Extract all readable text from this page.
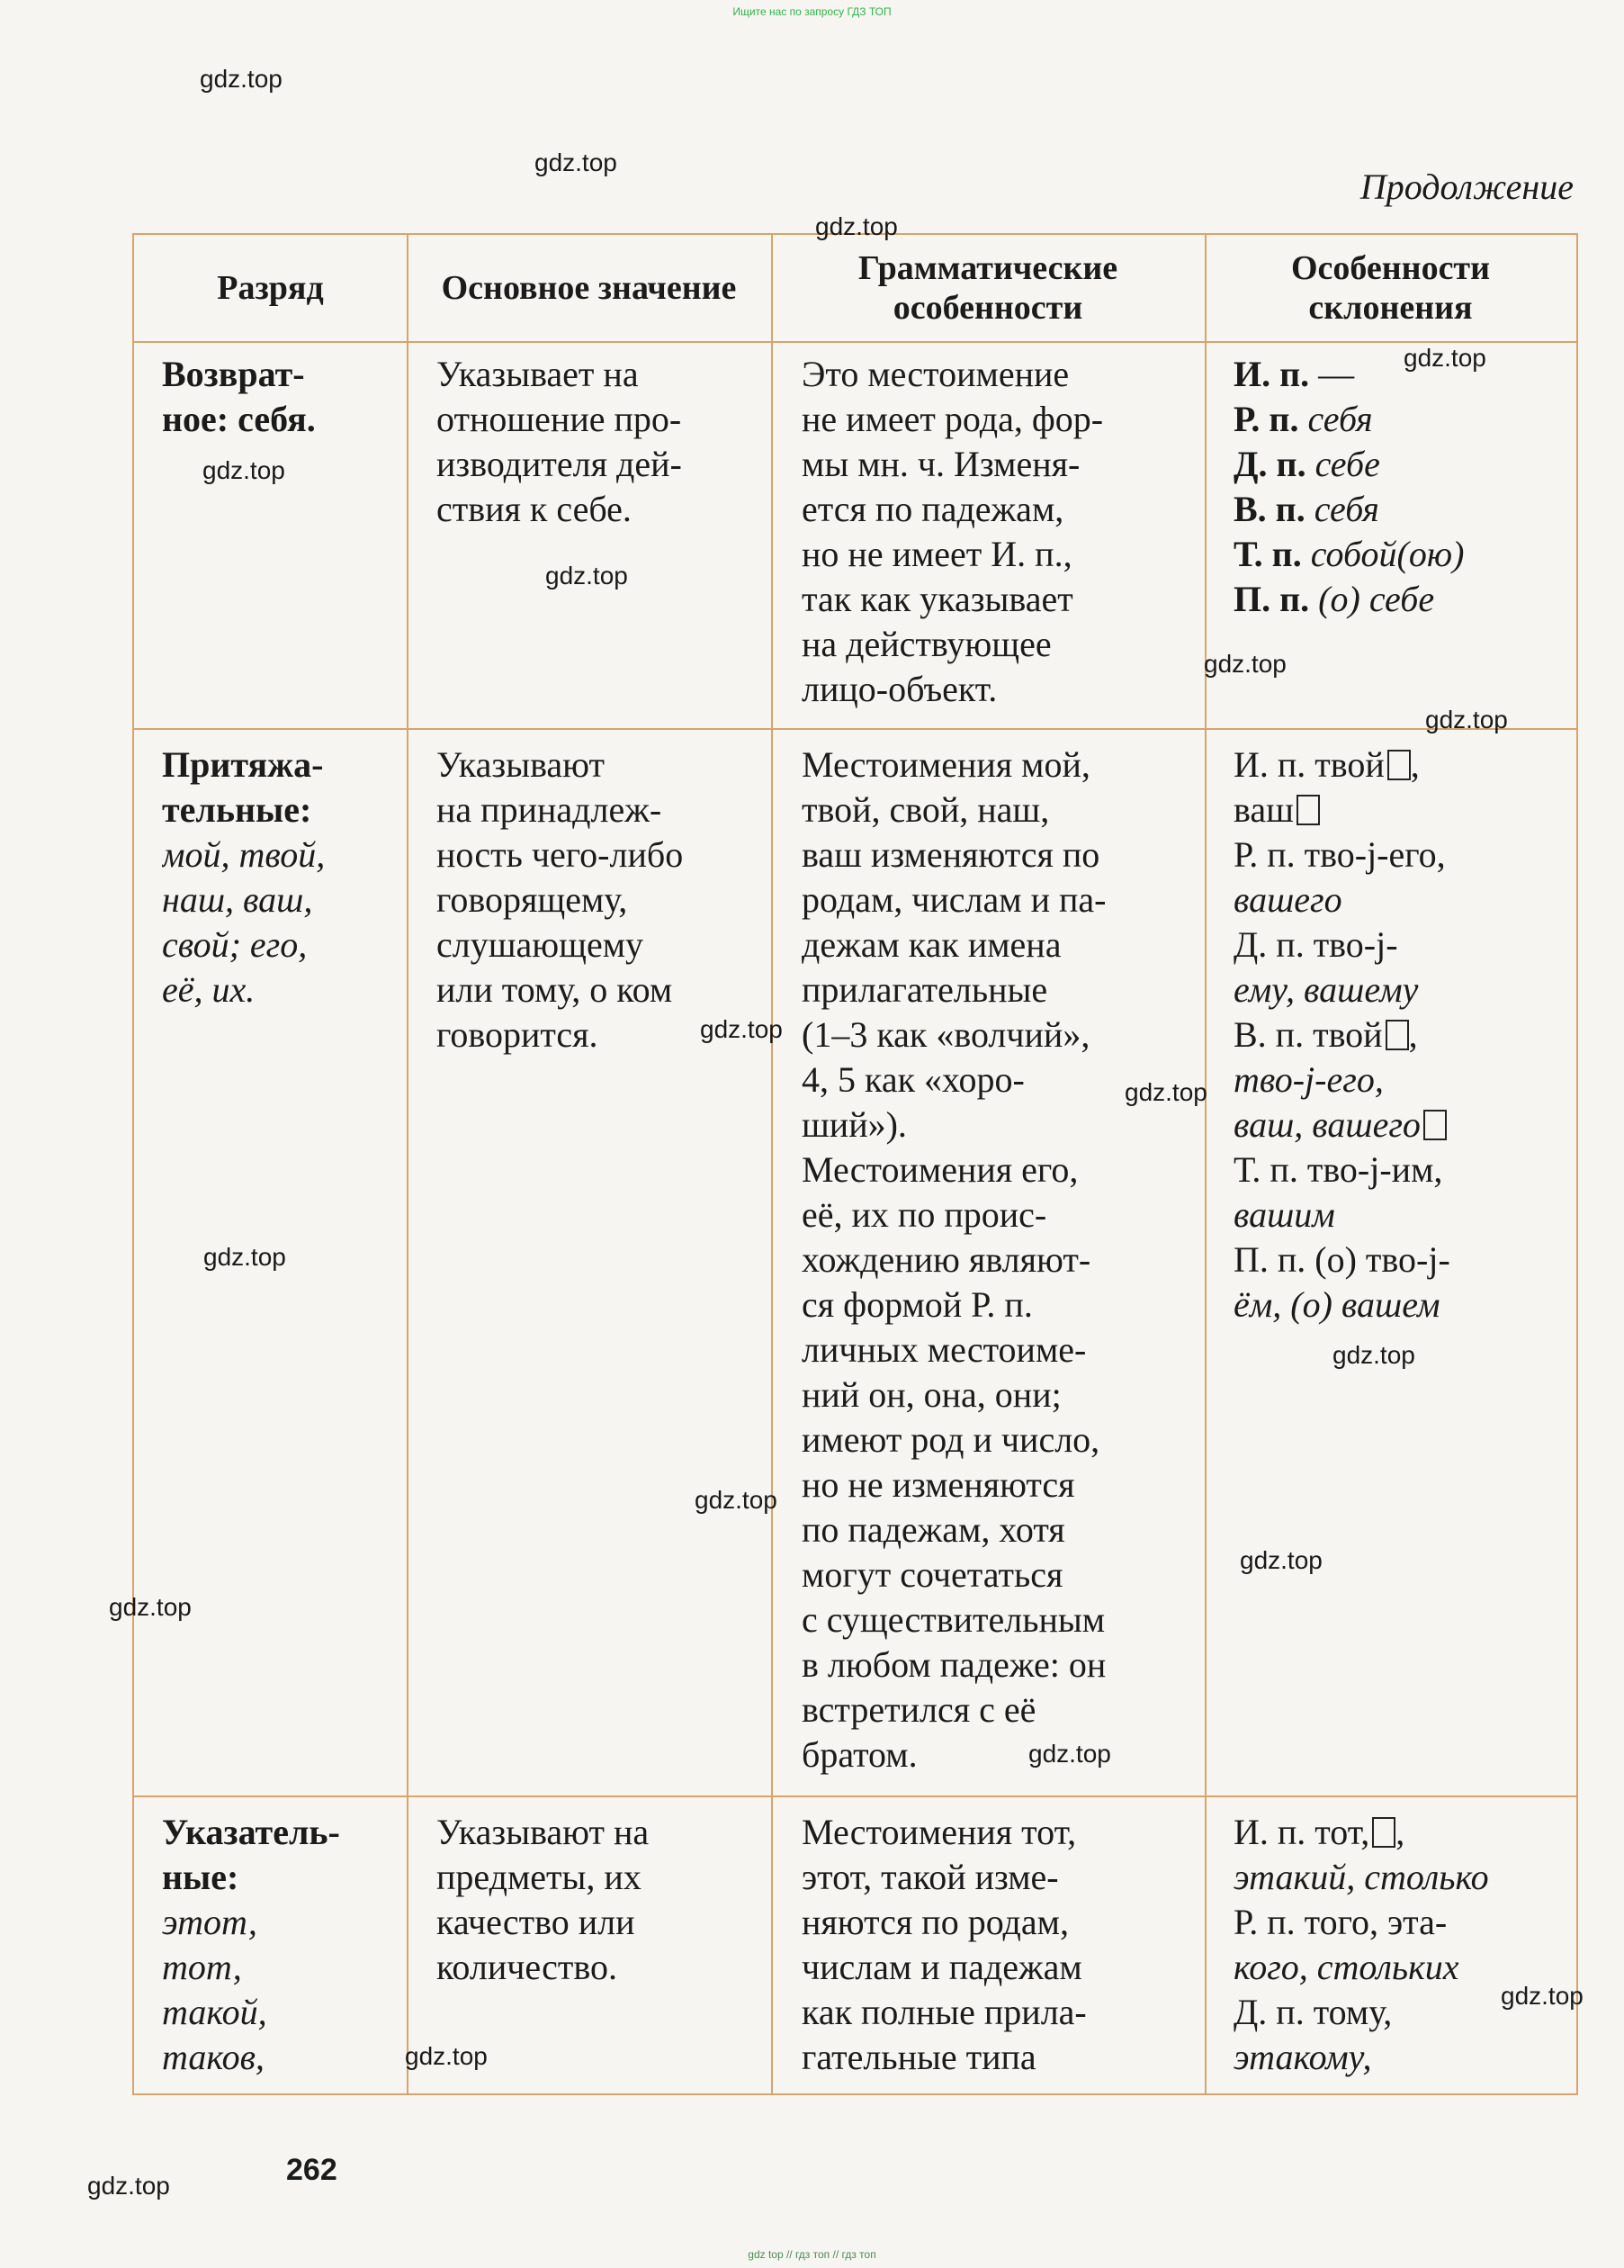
Ищите нас по запросу ГДЗ ТОП
Продолжение
Разряд	Основное значение
Грамматические особенности
Особенности склонения
Возврат-
ное: себя.
Указывает на
отношение про-
изводителя дей-
ствия к себе.
Это местоимение
не имеет рода, фор-
мы мн. ч. Изменя-
ется по падежам,
но не имеет И. п.,
так как указывает
на действующее
лицо-объект.
И. п. —
Р. п. себя
Д. п. себе
В. п. себя
Т. п. собой(ою)
П. п. (о) себе
Притяжа-
тельные:
мой, твой,
наш, ваш,
свой; его,
её, их.
Указывают
на принадлеж-
ность чего-либо
говорящему,
слушающему
или тому, о ком
говорится.
Местоимения мой,
твой, свой, наш,
ваш изменяются по
родам, числам и па-
дежам как имена
прилагательные
(1–3 как «волчий»,
4, 5 как «хоро-
ший»).
Местоимения его,
её, их по проис-
хождению являют-
ся формой Р. п.
личных местоиме-
ний он, она, они;
имеют род и число,
но не изменяются
по падежам, хотя
могут сочетаться
с существительным
в любом падеже: он
встретился с её
братом.
И. п. твой ,
ваш
Р. п. тво-j-его,
вашего
Д. п. тво-j-
ему, вашему
В. п. твой ,
тво-j-его,
ваш, вашего
Т. п. тво-j-им,
вашим
П. п. (о) тво-j-
ём, (о) вашем
Указатель-
ные:
этот,
тот,
такой,
таков,
Указывают на
предметы, их
качество или
количество.
Местоимения тот,
этот, такой изме-
няются по родам,
числам и падежам
как полные прила-
гательные типа
И. п. тот, ,
этакий, столько
Р. п. того, эта-
кого, стольких
Д. п. тому,
этакому,
262
gdz.top
gdz.top
gdz.top
gdz.top
gdz.top
gdz.top
gdz.top
gdz.top
gdz.top
gdz.top
gdz.top
gdz.top
gdz.top
gdz.top
gdz.top
gdz.top
gdz.top
gdz.top
gdz.top
gdz top // гдз топ // гдз топ
